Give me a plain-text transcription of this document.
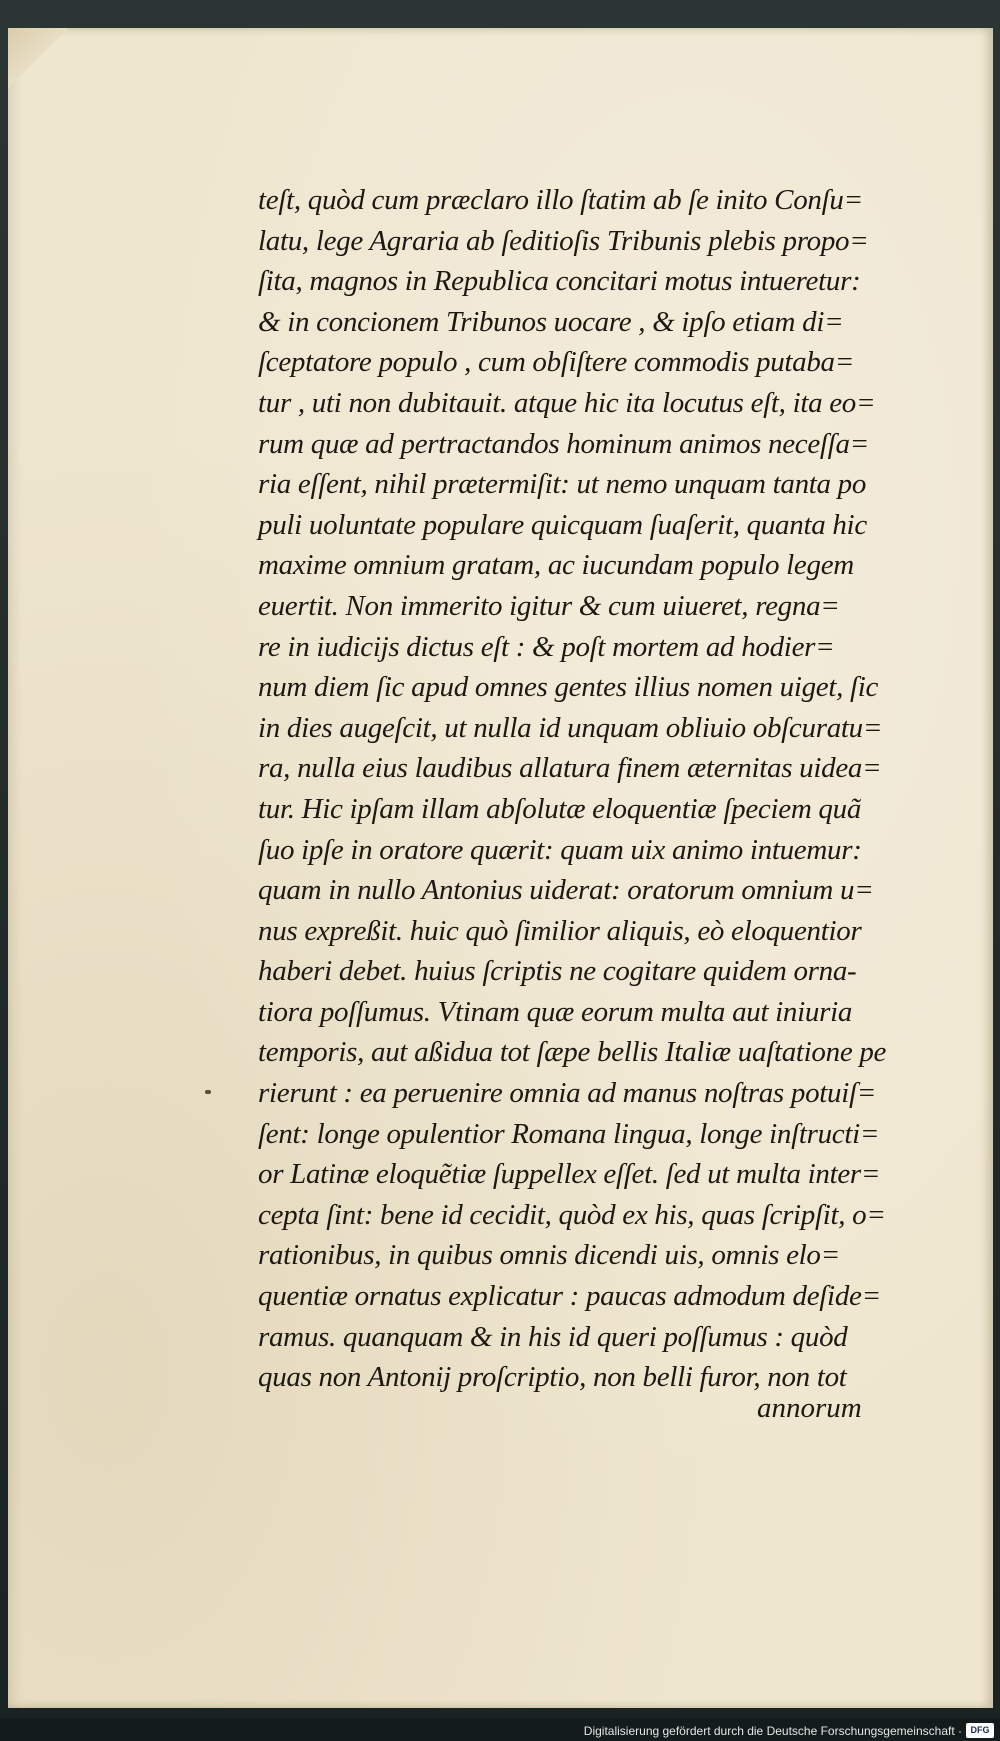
teſt, quòd cum præclaro illo ſtatim ab ſe inito Conſu=
latu, lege Agraria ab ſeditioſis Tribunis plebis propo=
ſita, magnos in Republica concitari motus intueretur:
& in concionem Tribunos uocare , & ipſo etiam di=
ſceptatore populo , cum obſiſtere commodis putaba=
tur , uti non dubitauit. atque hic ita locutus eſt, ita eo=
rum quæ ad pertractandos hominum animos neceſſa=
ria eſſent, nihil prætermiſit: ut nemo unquam tanta po
puli uoluntate populare quicquam ſuaſerit, quanta hic
maxime omnium gratam, ac iucundam populo legem
euertit. Non immerito igitur & cum uiueret, regna=
re in iudicijs dictus eſt : & poſt mortem ad hodier=
num diem ſic apud omnes gentes illius nomen uiget, ſic
in dies augeſcit, ut nulla id unquam obliuio obſcuratu=
ra, nulla eius laudibus allatura finem æternitas uidea=
tur. Hic ipſam illam abſolutæ eloquentiæ ſpeciem quã
ſuo ipſe in oratore quærit: quam uix animo intuemur:
quam in nullo Antonius uiderat: oratorum omnium u=
nus expreßit. huic quò ſimilior aliquis, eò eloquentior
haberi debet. huius ſcriptis ne cogitare quidem orna-
tiora poſſumus. Vtinam quæ eorum multa aut iniuria
temporis, aut aßidua tot ſæpe bellis Italiæ uaſtatione pe
rierunt : ea peruenire omnia ad manus noſtras potuiſ=
ſent: longe opulentior Romana lingua, longe inſtructi=
or Latinæ eloquẽtiæ ſuppellex eſſet. ſed ut multa inter=
cepta ſint: bene id cecidit, quòd ex his, quas ſcripſit, o=
rationibus, in quibus omnis dicendi uis, omnis elo=
quentiæ ornatus explicatur : paucas admodum deſide=
ramus. quanquam & in his id queri poſſumus : quòd
quas non Antonij proſcriptio, non belli furor, non tot
annorum
Digitalisierung gefördert durch die Deutsche Forschungsgemeinschaft · DFG
